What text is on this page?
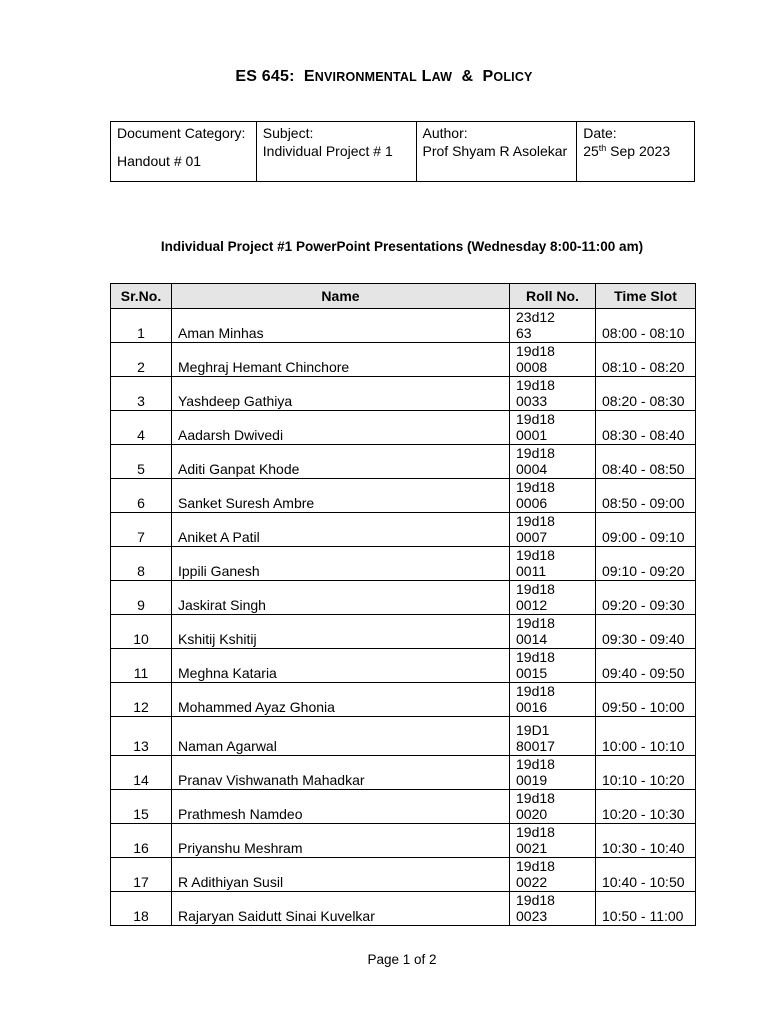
ES 645: ENVIRONMENTAL LAW & POLICY
Document Category:
Handout # 01

Subject:
Individual Project # 1

Author:
Prof Shyam R Asolekar

Date:
25th Sep 2023
Individual Project #1 PowerPoint Presentations (Wednesday 8:00-11:00 am)
Sr.No.	Name	Roll No.	Time Slot
1	Aman Minhas	23d1263	08:00 - 08:10
2	Meghraj Hemant Chinchore	19d180008	08:10 - 08:20
3	Yashdeep Gathiya	19d180033	08:20 - 08:30
4	Aadarsh Dwivedi	19d180001	08:30 - 08:40
5	Aditi Ganpat Khode	19d180004	08:40 - 08:50
6	Sanket Suresh Ambre	19d180006	08:50 - 09:00
7	Aniket A Patil	19d180007	09:00 - 09:10
8	Ippili Ganesh	19d180011	09:10 - 09:20
9	Jaskirat Singh	19d180012	09:20 - 09:30
10	Kshitij Kshitij	19d180014	09:30 - 09:40
11	Meghna Kataria	19d180015	09:40 - 09:50
12	Mohammed Ayaz Ghonia	19d180016	09:50 - 10:00
13	Naman Agarwal	19D180017	10:00 - 10:10
14	Pranav Vishwanath Mahadkar	19d180019	10:10 - 10:20
15	Prathmesh Namdeo	19d180020	10:20 - 10:30
16	Priyanshu Meshram	19d180021	10:30 - 10:40
17	R Adithiyan Susil	19d180022	10:40 - 10:50
18	Rajaryan Saidutt Sinai Kuvelkar	19d180023	10:50 - 11:00
Page 1 of 2
